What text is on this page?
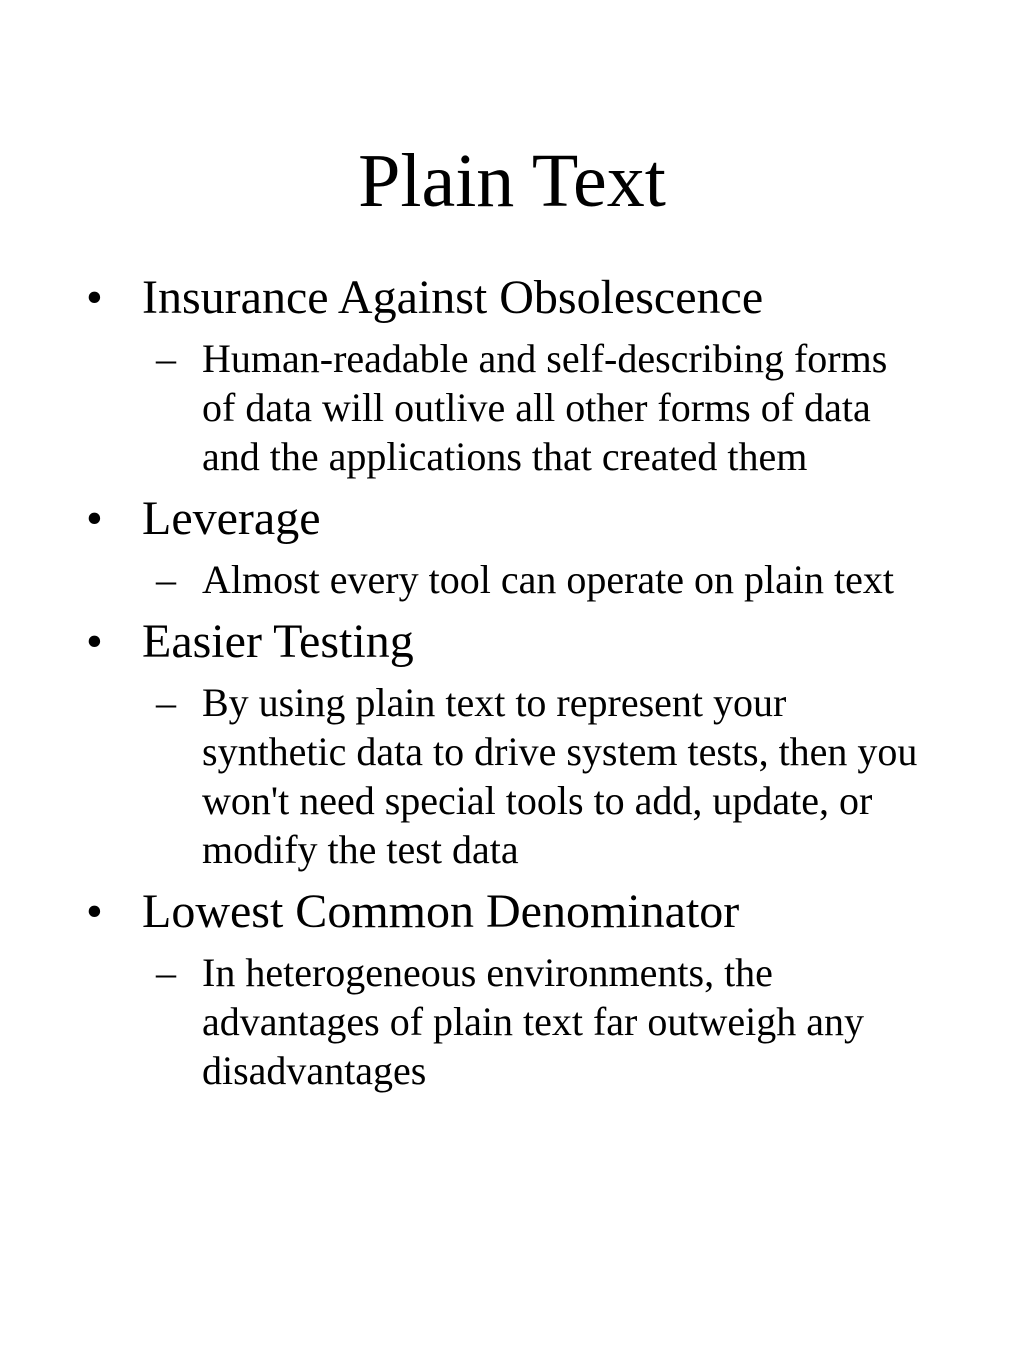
Plain Text
• Insurance Against Obsolescence
– Human-readable and self-describing forms of data will outlive all other forms of data and the applications that created them
• Leverage
– Almost every tool can operate on plain text
• Easier Testing
– By using plain text to represent your synthetic data to drive system tests, then you won't need special tools to add, update, or modify the test data
• Lowest Common Denominator
– In heterogeneous environments, the advantages of plain text far outweigh any disadvantages
